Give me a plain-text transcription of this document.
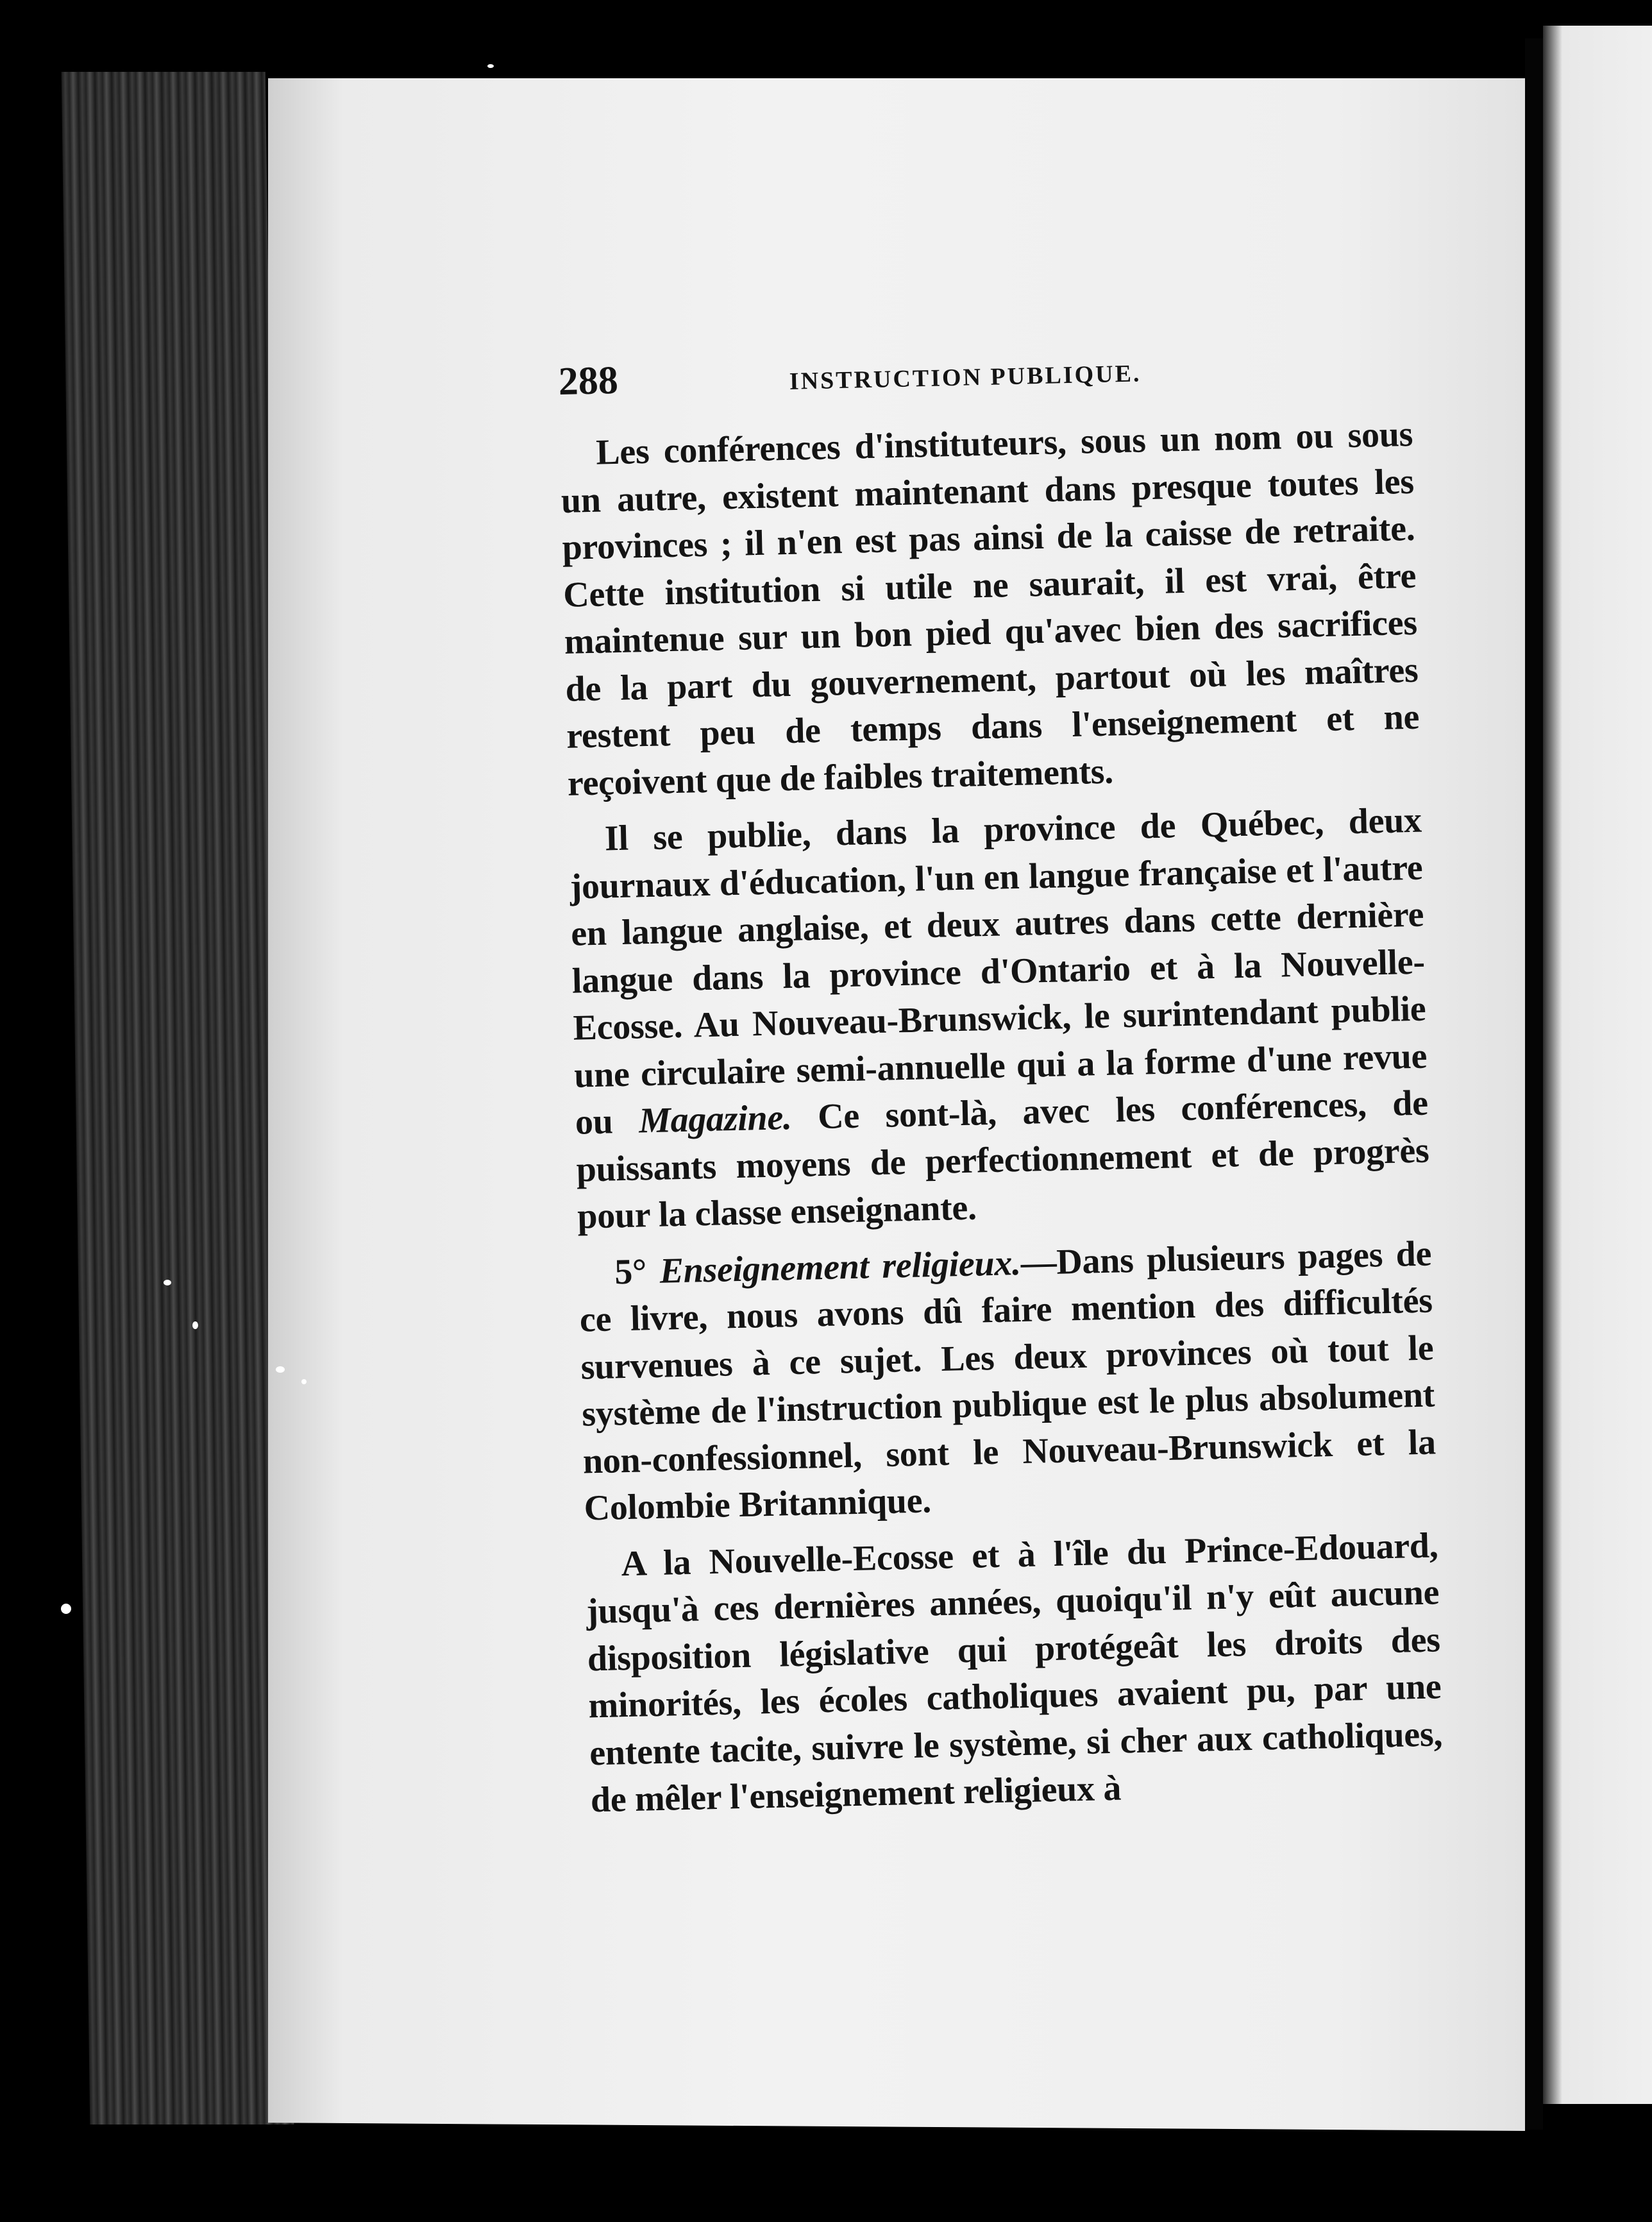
288	INSTRUCTION PUBLIQUE.

Les conférences d'instituteurs, sous un nom ou sous un autre, existent maintenant dans presque toutes les provinces ; il n'en est pas ainsi de la caisse de retraite. Cette institution si utile ne saurait, il est vrai, être maintenue sur un bon pied qu'avec bien des sacrifices de la part du gouvernement, partout où les maîtres restent peu de temps dans l'enseignement et ne reçoivent que de faibles traitements.

Il se publie, dans la province de Québec, deux journaux d'éducation, l'un en langue française et l'autre en langue anglaise, et deux autres dans cette dernière langue dans la province d'Ontario et à la Nouvelle-Ecosse. Au Nouveau-Brunswick, le surintendant publie une circulaire semi-annuelle qui a la forme d'une revue ou Magazine. Ce sont-là, avec les conférences, de puissants moyens de perfectionnement et de progrès pour la classe enseignante.

5° Enseignement religieux.—Dans plusieurs pages de ce livre, nous avons dû faire mention des difficultés survenues à ce sujet. Les deux provinces où tout le système de l'instruction publique est le plus absolument non-confessionnel, sont le Nouveau-Brunswick et la Colombie Britannique.

A la Nouvelle-Ecosse et à l'île du Prince-Edouard, jusqu'à ces dernières années, quoiqu'il n'y eût aucune disposition législative qui protégeât les droits des minorités, les écoles catholiques avaient pu, par une entente tacite, suivre le système, si cher aux catholiques, de mêler l'enseignement religieux à
